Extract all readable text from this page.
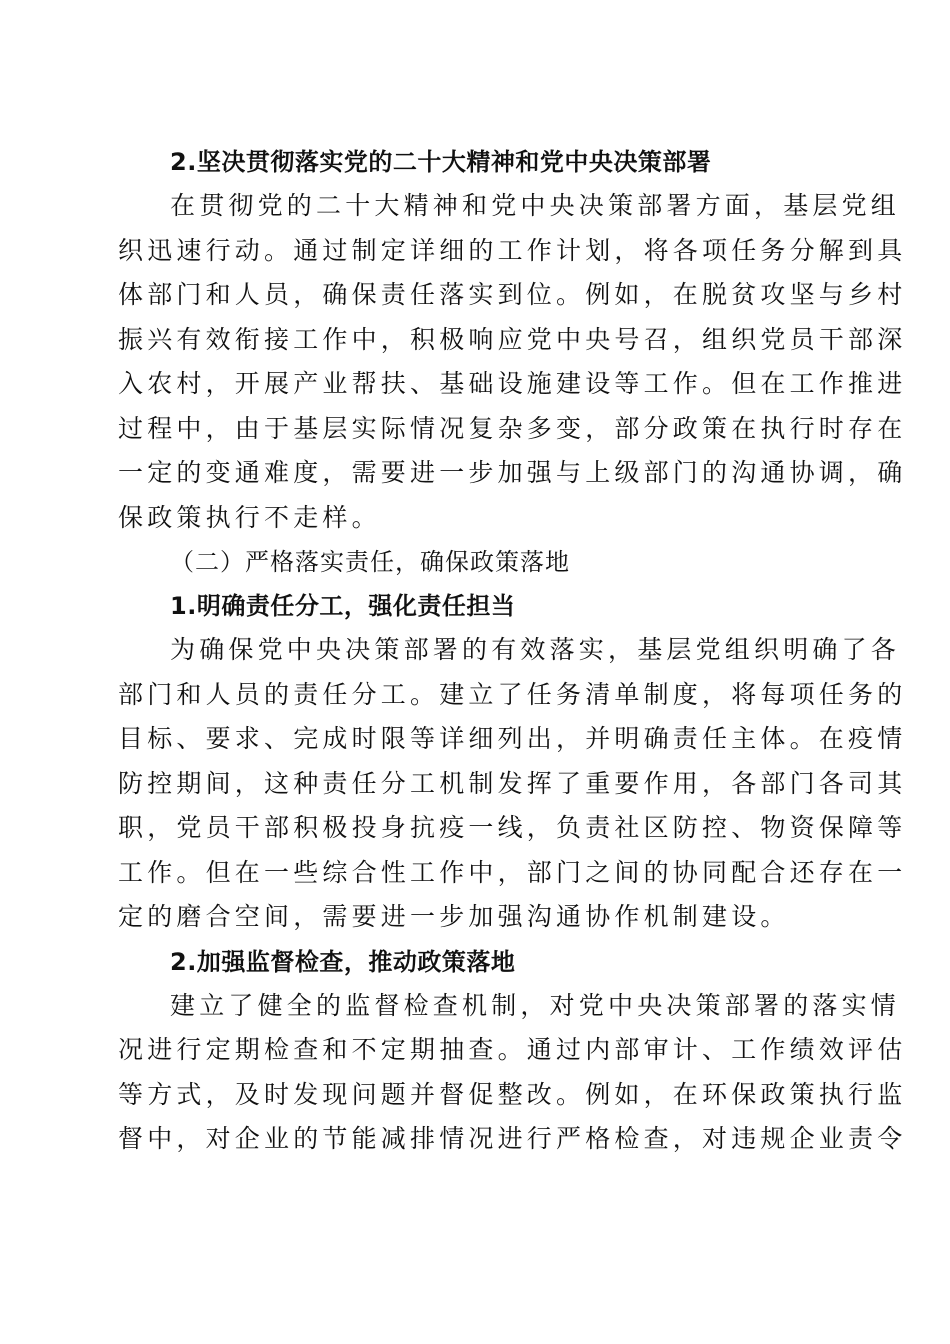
2.坚决贯彻落实党的二十大精神和党中央决策部署
在贯彻党的二十大精神和党中央决策部署方面，基层党组
织迅速行动。通过制定详细的工作计划，将各项任务分解到具
体部门和人员，确保责任落实到位。例如，在脱贫攻坚与乡村
振兴有效衔接工作中，积极响应党中央号召，组织党员干部深
入农村，开展产业帮扶、基础设施建设等工作。但在工作推进
过程中，由于基层实际情况复杂多变，部分政策在执行时存在
一定的变通难度，需要进一步加强与上级部门的沟通协调，确
保政策执行不走样。
（二）严格落实责任，确保政策落地
1.明确责任分工，强化责任担当
为确保党中央决策部署的有效落实，基层党组织明确了各
部门和人员的责任分工。建立了任务清单制度，将每项任务的
目标、要求、完成时限等详细列出，并明确责任主体。在疫情
防控期间，这种责任分工机制发挥了重要作用，各部门各司其
职，党员干部积极投身抗疫一线，负责社区防控、物资保障等
工作。但在一些综合性工作中，部门之间的协同配合还存在一
定的磨合空间，需要进一步加强沟通协作机制建设。
2.加强监督检查，推动政策落地
建立了健全的监督检查机制，对党中央决策部署的落实情
况进行定期检查和不定期抽查。通过内部审计、工作绩效评估
等方式，及时发现问题并督促整改。例如，在环保政策执行监
督中，对企业的节能减排情况进行严格检查，对违规企业责令
